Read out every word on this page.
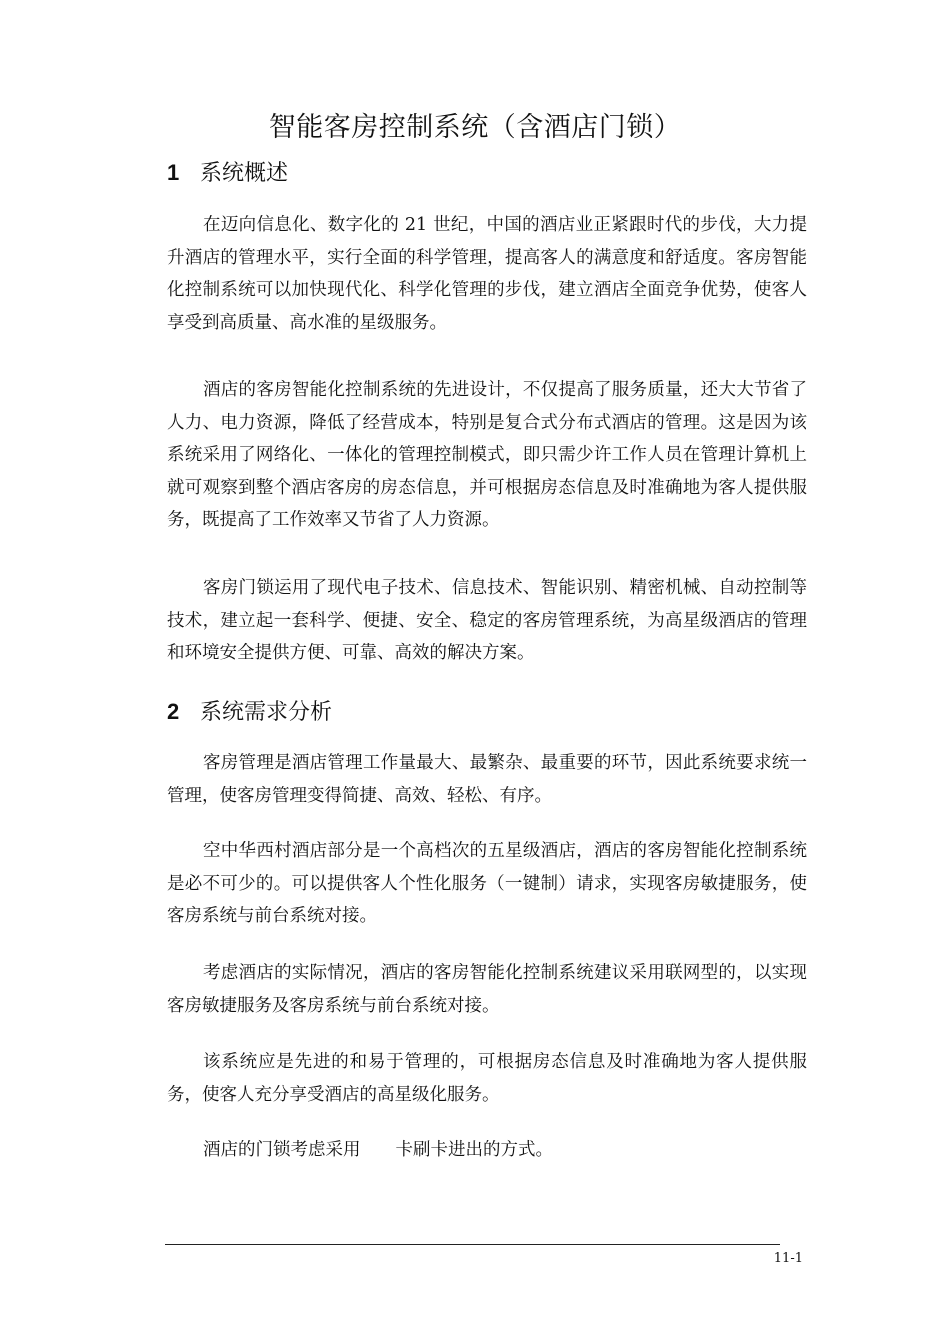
智能客房控制系统（含酒店门锁）
1 系统概述

在迈向信息化、数字化的 21 世纪，中国的酒店业正紧跟时代的步伐，大力提升酒店的管理水平，实行全面的科学管理，提高客人的满意度和舒适度。客房智能化控制系统可以加快现代化、科学化管理的步伐，建立酒店全面竞争优势，使客人享受到高质量、高水准的星级服务。

酒店的客房智能化控制系统的先进设计，不仅提高了服务质量，还大大节省了人力、电力资源，降低了经营成本，特别是复合式分布式酒店的管理。这是因为该系统采用了网络化、一体化的管理控制模式，即只需少许工作人员在管理计算机上就可观察到整个酒店客房的房态信息，并可根据房态信息及时准确地为客人提供服务，既提高了工作效率又节省了人力资源。

客房门锁运用了现代电子技术、信息技术、智能识别、精密机械、自动控制等技术，建立起一套科学、便捷、安全、稳定的客房管理系统，为高星级酒店的管理和环境安全提供方便、可靠、高效的解决方案。

2 系统需求分析

客房管理是酒店管理工作量最大、最繁杂、最重要的环节，因此系统要求统一管理，使客房管理变得简捷、高效、轻松、有序。

空中华西村酒店部分是一个高档次的五星级酒店，酒店的客房智能化控制系统是必不可少的。可以提供客人个性化服务（一键制）请求，实现客房敏捷服务，使客房系统与前台系统对接。

考虑酒店的实际情况，酒店的客房智能化控制系统建议采用联网型的，以实现客房敏捷服务及客房系统与前台系统对接。

该系统应是先进的和易于管理的，可根据房态信息及时准确地为客人提供服务，使客人充分享受酒店的高星级化服务。

酒店的门锁考虑采用　　卡刷卡进出的方式。

11-1
